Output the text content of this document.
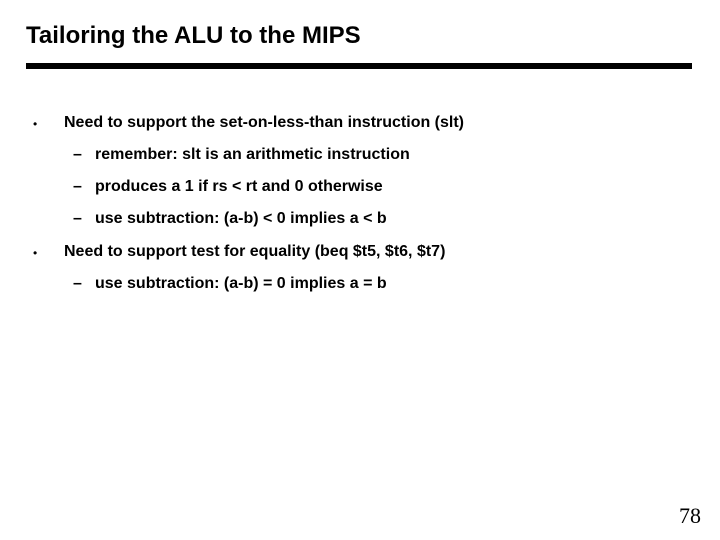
Tailoring the ALU to the MIPS
• Need to support the set-on-less-than instruction (slt)
– remember: slt is an arithmetic instruction
– produces a 1 if rs < rt and 0 otherwise
– use subtraction: (a-b) < 0 implies a < b
• Need to support test for equality (beq $t5, $t6, $t7)
– use subtraction: (a-b) = 0 implies a = b
78
